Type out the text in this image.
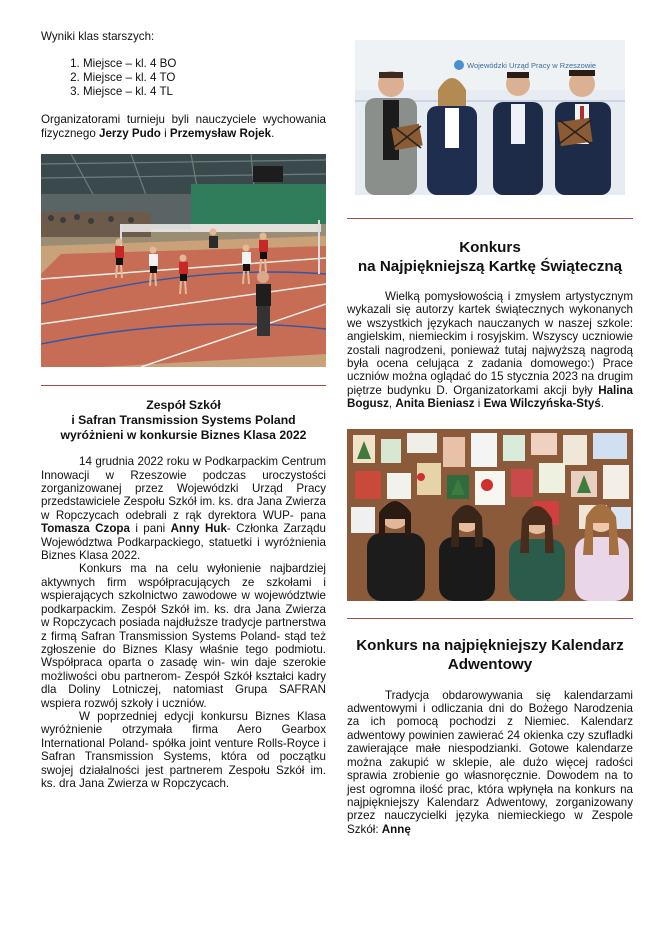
Wyniki klas starszych:

1. Miejsce – kl. 4 BO
2. Miejsce – kl. 4 TO
3. Miejsce – kl. 4 TL

Organizatorami turnieju byli nauczyciele wychowania fizycznego Jerzy Pudo i Przemysław Rojek.

Zespół Szkół
i Safran Transmission Systems Poland
wyróżnieni w konkursie Biznes Klasa 2022

14 grudnia 2022 roku w Podkarpackim Centrum Innowacji w Rzeszowie podczas uroczystości zorganizowanej przez Wojewódzki Urząd Pracy przedstawiciele Zespołu Szkół im. ks. dra Jana Zwierza w Ropczycach odebrali z rąk dyrektora WUP- pana Tomasza Czopa i pani Anny Huk- Członka Zarządu Województwa Podkarpackiego, statuetki i wyróżnienia Biznes Klasa 2022.

Konkurs ma na celu wyłonienie najbardziej aktywnych firm współpracujących ze szkołami i wspierających szkolnictwo zawodowe w województwie podkarpackim. Zespół Szkół im. ks. dra Jana Zwierza w Ropczycach posiada najdłuższe tradycje partnerstwa z firmą Safran Transmission Systems Poland- stąd też zgłoszenie do Biznes Klasy właśnie tego podmiotu. Współpraca oparta o zasadę win- win daje szerokie możliwości obu partnerom- Zespół Szkół kształci kadry dla Doliny Lotniczej, natomiast Grupa SAFRAN wspiera rozwój szkoły i uczniów.

W poprzedniej edycji konkursu Biznes Klasa wyróżnienie otrzymała firma Aero Gearbox International Poland- spółka joint venture Rolls-Royce i Safran Transmission Systems, która od początku swojej działalności jest partnerem Zespołu Szkół im. ks. dra Jana Zwierza w Ropczycach.

Wojewódzki Urząd Pracy w Rzeszowie
Konkurs
na Najpiękniejszą Kartkę Świąteczną

Wielką pomysłowością i zmysłem artystycznym wykazali się autorzy kartek świątecznych wykonanych we wszystkich językach nauczanych w naszej szkole: angielskim, niemieckim i rosyjskim. Wszyscy uczniowie zostali nagrodzeni, ponieważ tutaj najwyższą nagrodą była ocena celująca z zadania domowego:) Prace uczniów można oglądać do 15 stycznia 2023 na drugim piętrze budynku D. Organizatorkami akcji były Halina Bogusz, Anita Bieniasz i Ewa Wilczyńska-Styś.

Konkurs na najpiękniejszy Kalendarz
Adwentowy

Tradycja obdarowywania się kalendarzami adwentowymi i odliczania dni do Bożego Narodzenia za ich pomocą pochodzi z Niemiec. Kalendarz adwentowy powinien zawierać 24 okienka czy szufladki zawierające małe niespodzianki. Gotowe kalendarze można zakupić w sklepie, ale dużo więcej radości sprawia zrobienie go własnoręcznie. Dowodem na to jest ogromna ilość prac, która wpłynęła na konkurs na najpiękniejszy Kalendarz Adwentowy, zorganizowany przez nauczycielki języka niemieckiego w Zespole Szkół: Annę
